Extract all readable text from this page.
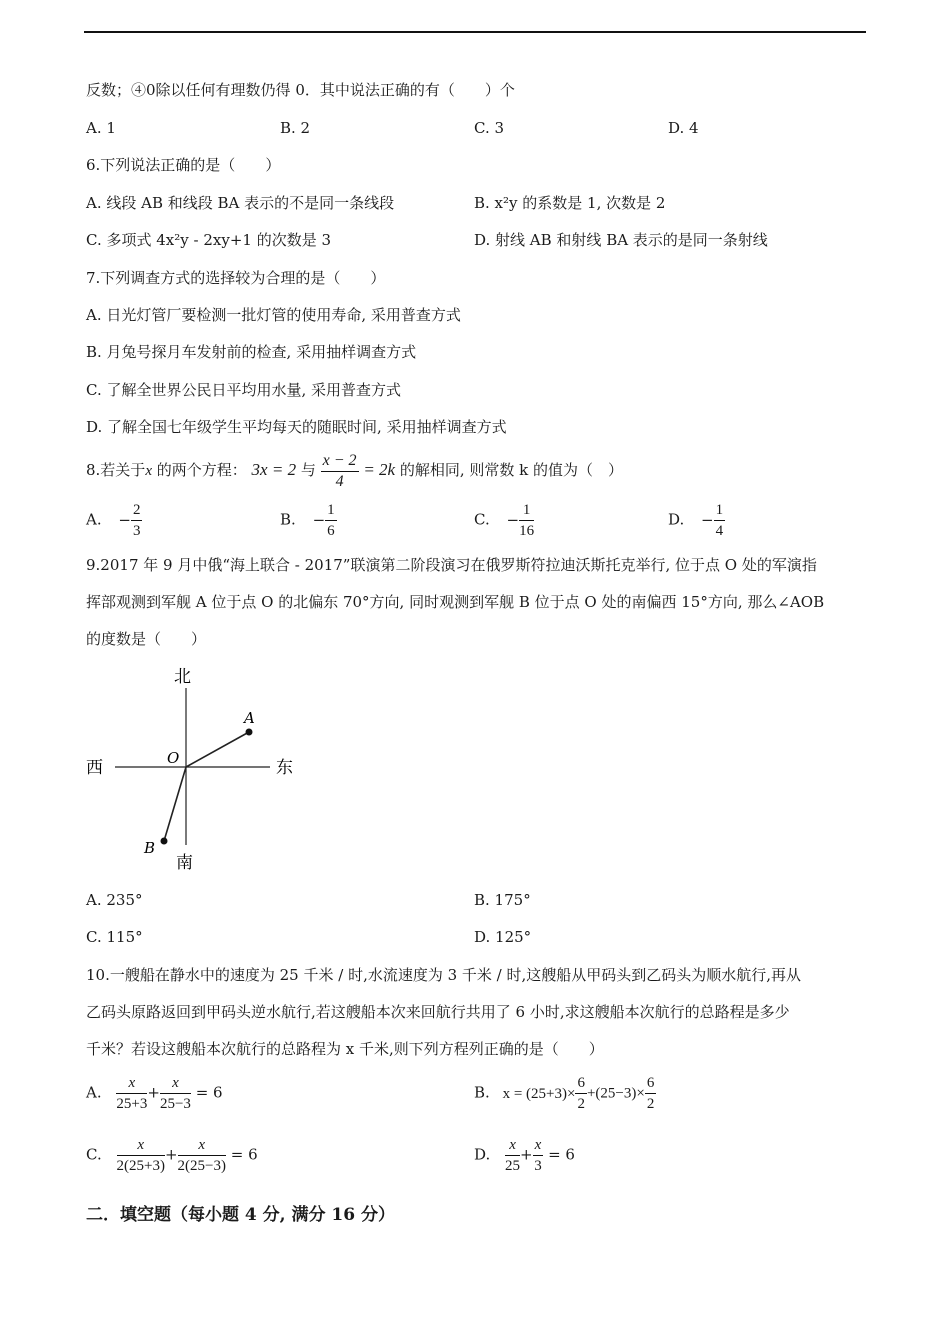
反数；④0除以任何有理数仍得 0．其中说法正确的有（　　）个
A. 1	B. 2	C. 3	D. 4
6.下列说法正确的是（　　）
A. 线段 AB 和线段 BA 表示的不是同一条线段	B. x²y 的系数是 1, 次数是 2
C. 多项式 4x²y - 2xy+1 的次数是 3	D. 射线 AB 和射线 BA 表示的是同一条射线
7.下列调查方式的选择较为合理的是（　　）
A. 日光灯管厂要检测一批灯管的使用寿命, 采用普查方式
B. 月兔号探月车发射前的检查, 采用抽样调查方式
C. 了解全世界公民日平均用水量, 采用普查方式
D. 了解全国七年级学生平均每天的随眠时间, 采用抽样调查方式
8.若关于x 的两个方程： 3x = 2 与 $\frac{x - 2}{4} = 2k$ 的解相同, 则常数 k 的值为（　）
A. − $\frac{2}{3}$	B. − $\frac{1}{6}$	C. − $\frac{1}{16}$	D. − $\frac{1}{4}$
9.2017 年 9 月中俄“海上联合 - 2017”联演第二阶段演习在俄罗斯符拉迪沃斯托克举行, 位于点 O 处的军演指
挥部观测到军舰 A 位于点 O 的北偏东 70°方向, 同时观测到军舰 B 位于点 O 处的南偏西 15°方向, 那么∠AOB
的度数是（　　）
北
南
西	东
O
A
B
A. 235°	B. 175°
C. 115°	D. 125°
10.一艘船在静水中的速度为 25 千米 / 时,水流速度为 3 千米 / 时,这艘船从甲码头到乙码头为顺水航行,再从
乙码头原路返回到甲码头逆水航行,若这艘船本次来回航行共用了 6 小时,求这艘船本次航行的总路程是多少
千米？若设这艘船本次航行的总路程为 x 千米,则下列方程列正确的是（　　）
A. $\frac{x}{25+3} + \frac{x}{25-3} = 6$	B. $x = (25+3)\times \frac{6}{2} +(25-3)\times \frac{6}{2}$
C. $\frac{x}{2(25+3)} + \frac{x}{2(25-3)} = 6$	D. $\frac{x}{25} + \frac{x}{3} = 6$
二．填空题（每小题 4 分, 满分 16 分）
